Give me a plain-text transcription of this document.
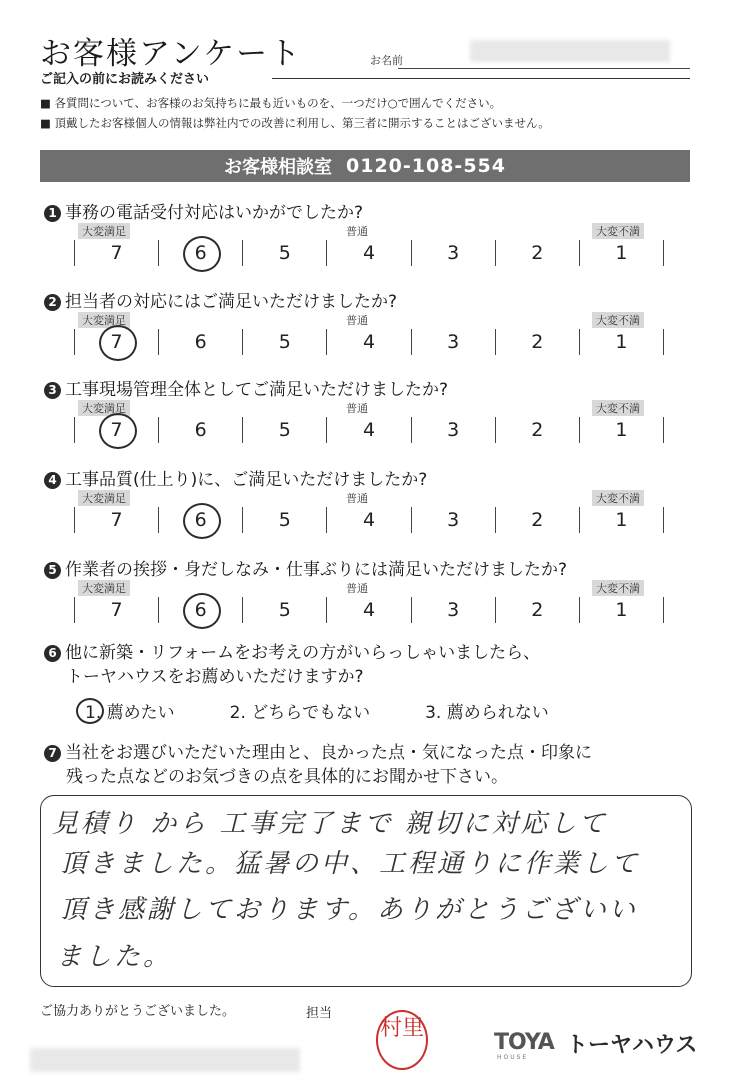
お客様アンケート	お名前
ご記入の前にお読みください
■ 各質問について、お客様のお気持ちに最も近いものを、一つだけ○で囲んでください。
■ 頂戴したお客様個人の情報は弊社内での改善に利用し、第三者に開示することはございません。
お客様相談室 0120-108-554
1 事務の電話受付対応はいかがでしたか?
大変満足	普通	大変不満
7	6	5	4	3	2	1
2 担当者の対応にはご満足いただけましたか?
大変満足	普通	大変不満
7	6	5	4	3	2	1
3 工事現場管理全体としてご満足いただけましたか?
大変満足	普通	大変不満
7	6	5	4	3	2	1
4 工事品質(仕上り)に、ご満足いただけましたか?
大変満足	普通	大変不満
7	6	5	4	3	2	1
5 作業者の挨拶・身だしなみ・仕事ぶりには満足いただけましたか?
大変満足	普通	大変不満
7	6	5	4	3	2	1
6 他に新築・リフォームをお考えの方がいらっしゃいましたら、
トーヤハウスをお薦めいただけますか?
1. 薦めたい	2. どちらでもない	3. 薦められない
7 当社をお選びいただいた理由と、良かった点・気になった点・印象に
残った点などのお気づきの点を具体的にお聞かせ下さい。
見積り から 工事完了まで 親切に対応して
頂きました。猛暑の中、工程通りに作業して
頂き感謝しております。ありがとうございい
ました。
ご協力ありがとうございました。	担当
村里
TOYA
HOUSE トーヤハウス
